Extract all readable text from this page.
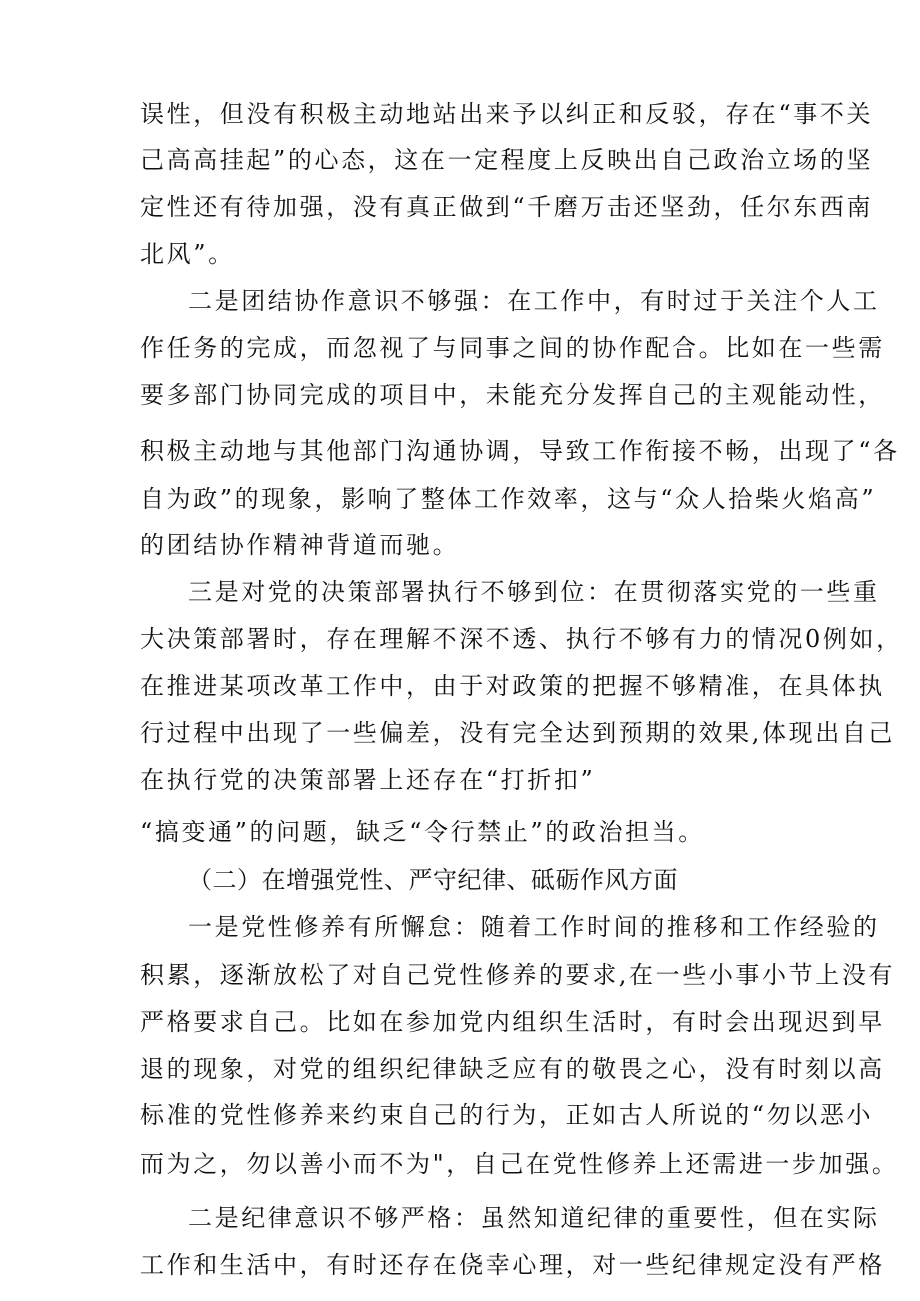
误性，但没有积极主动地站出来予以纠正和反驳，存在“事不关

己高高挂起”的心态，这在一定程度上反映出自己政治立场的坚

定性还有待加强，没有真正做到“千磨万击还坚劲，任尔东西南

北风”。

二是团结协作意识不够强：在工作中，有时过于关注个人工

作任务的完成，而忽视了与同事之间的协作配合。比如在一些需

要多部门协同完成的项目中，未能充分发挥自己的主观能动性，

积极主动地与其他部门沟通协调，导致工作衔接不畅，出现了“各

自为政”的现象，影响了整体工作效率，这与“众人拾柴火焰高”

的团结协作精神背道而驰。

三是对党的决策部署执行不够到位：在贯彻落实党的一些重

大决策部署时，存在理解不深不透、执行不够有力的情况0例如，

在推进某项改革工作中，由于对政策的把握不够精准，在具体执

行过程中出现了一些偏差，没有完全达到预期的效果,体现出自己

在执行党的决策部署上还存在“打折扣”

“搞变通”的问题，缺乏“令行禁止”的政治担当。

（二）在增强党性、严守纪律、砥砺作风方面

一是党性修养有所懈怠：随着工作时间的推移和工作经验的

积累，逐渐放松了对自己党性修养的要求,在一些小事小节上没有

严格要求自己。比如在参加党内组织生活时，有时会出现迟到早

退的现象，对党的组织纪律缺乏应有的敬畏之心，没有时刻以高

标准的党性修养来约束自己的行为，正如古人所说的“勿以恶小

而为之，勿以善小而不为"，自己在党性修养上还需进一步加强。

二是纪律意识不够严格：虽然知道纪律的重要性，但在实际

工作和生活中，有时还存在侥幸心理，对一些纪律规定没有严格
